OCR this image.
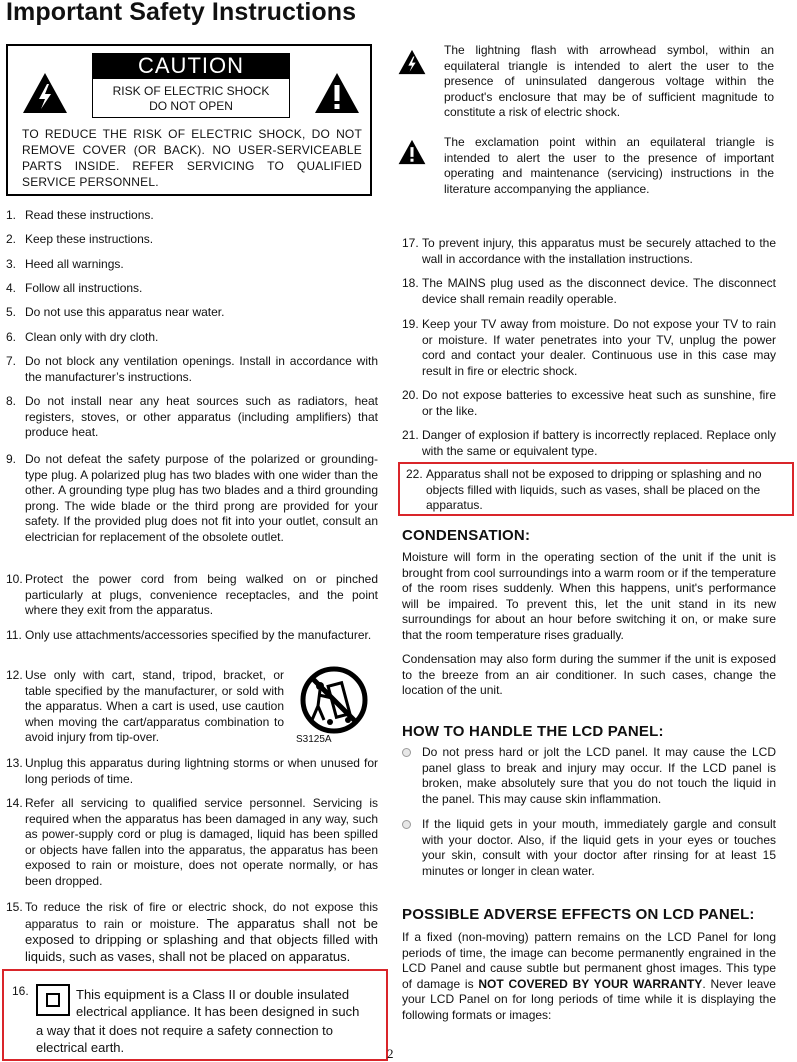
Important Safety Instructions
CAUTION
RISK OF ELECTRIC SHOCK
DO NOT OPEN
TO REDUCE THE RISK OF ELECTRIC SHOCK, DO NOT REMOVE COVER (OR BACK). NO USER-SERVICEABLE PARTS INSIDE. REFER SERVICING TO QUALIFIED SERVICE PERSONNEL.
The lightning flash with arrowhead symbol, within an equilateral triangle is intended to alert the user to the presence of uninsulated dangerous voltage within the product's enclosure that may be of sufficient magnitude to constitute a risk of electric shock.
The exclamation point within an equilateral triangle is intended to alert the user to the presence of important operating and maintenance (servicing) instructions in the literature accompanying the appliance.
1. Read these instructions.
2. Keep these instructions.
3. Heed all warnings.
4. Follow all instructions.
5. Do not use this apparatus near water.
6. Clean only with dry cloth.
7. Do not block any ventilation openings. Install in accordance with the manufacturer’s instructions.
8. Do not install near any heat sources such as radiators, heat registers, stoves, or other apparatus (including amplifiers) that produce heat.
9. Do not defeat the safety purpose of the polarized or grounding-type plug. A polarized plug has two blades with one wider than the other. A grounding type plug has two blades and a third grounding prong. The wide blade or the third prong are provided for your safety. If the provided plug does not fit into your outlet, consult an electrician for replacement of the obsolete outlet.
10. Protect the power cord from being walked on or pinched particularly at plugs, convenience receptacles, and the point where they exit from the apparatus.
11. Only use attachments/accessories specified by the manufacturer.
12. Use only with cart, stand, tripod, bracket, or table specified by the manufacturer, or sold with the apparatus. When a cart is used, use caution when moving the cart/apparatus combination to avoid injury from tip-over.
13. Unplug this apparatus during lightning storms or when unused for long periods of time.
14. Refer all servicing to qualified service personnel. Servicing is required when the apparatus has been damaged in any way, such as power-supply cord or plug is damaged, liquid has been spilled or objects have fallen into the apparatus, the apparatus has been exposed to rain or moisture, does not operate normally, or has been dropped.
15. To reduce the risk of fire or electric shock, do not expose this apparatus to rain or moisture. The apparatus shall not be exposed to dripping or splashing and that objects filled with liquids, such as vases, shall not be placed on apparatus.
S3125A
16.	This equipment is a Class II or double insulated electrical appliance. It has been designed in such
a way that it does not require a safety connection to electrical earth.
17. To prevent injury, this apparatus must be securely attached to the wall in accordance with the installation instructions.
18. The MAINS plug used as the disconnect device. The disconnect device shall remain readily operable.
19. Keep your TV away from moisture. Do not expose your TV to rain or moisture. If water penetrates into your TV, unplug the power cord and contact your dealer. Continuous use in this case may result in fire or electric shock.
20. Do not expose batteries to excessive heat such as sunshine, fire or the like.
21. Danger of explosion if battery is incorrectly replaced. Replace only with the same or equivalent type.
22. Apparatus shall not be exposed to dripping or splashing and no objects filled with liquids, such as vases, shall be placed on the apparatus.
CONDENSATION:
Moisture will form in the operating section of the unit if the unit is brought from cool surroundings into a warm room or if the temperature of the room rises suddenly. When this happens, unit's performance will be impaired. To prevent this, let the unit stand in its new surroundings for about an hour before switching it on, or make sure that the room temperature rises gradually.
Condensation may also form during the summer if the unit is exposed to the breeze from an air conditioner. In such cases, change the location of the unit.
HOW TO HANDLE THE LCD PANEL:
Do not press hard or jolt the LCD panel. It may cause the LCD panel glass to break and injury may occur. If the LCD panel is broken, make absolutely sure that you do not touch the liquid in the panel. This may cause skin inflammation.
If the liquid gets in your mouth, immediately gargle and consult with your doctor. Also, if the liquid gets in your eyes or touches your skin, consult with your doctor after rinsing for at least 15 minutes or longer in clean water.
POSSIBLE ADVERSE EFFECTS ON LCD PANEL:
If a fixed (non-moving) pattern remains on the LCD Panel for long periods of time, the image can become permanently engrained in the LCD Panel and cause subtle but permanent ghost images. This type of damage is NOT COVERED BY YOUR WARRANTY. Never leave your LCD Panel on for long periods of time while it is displaying the following formats or images:
2
